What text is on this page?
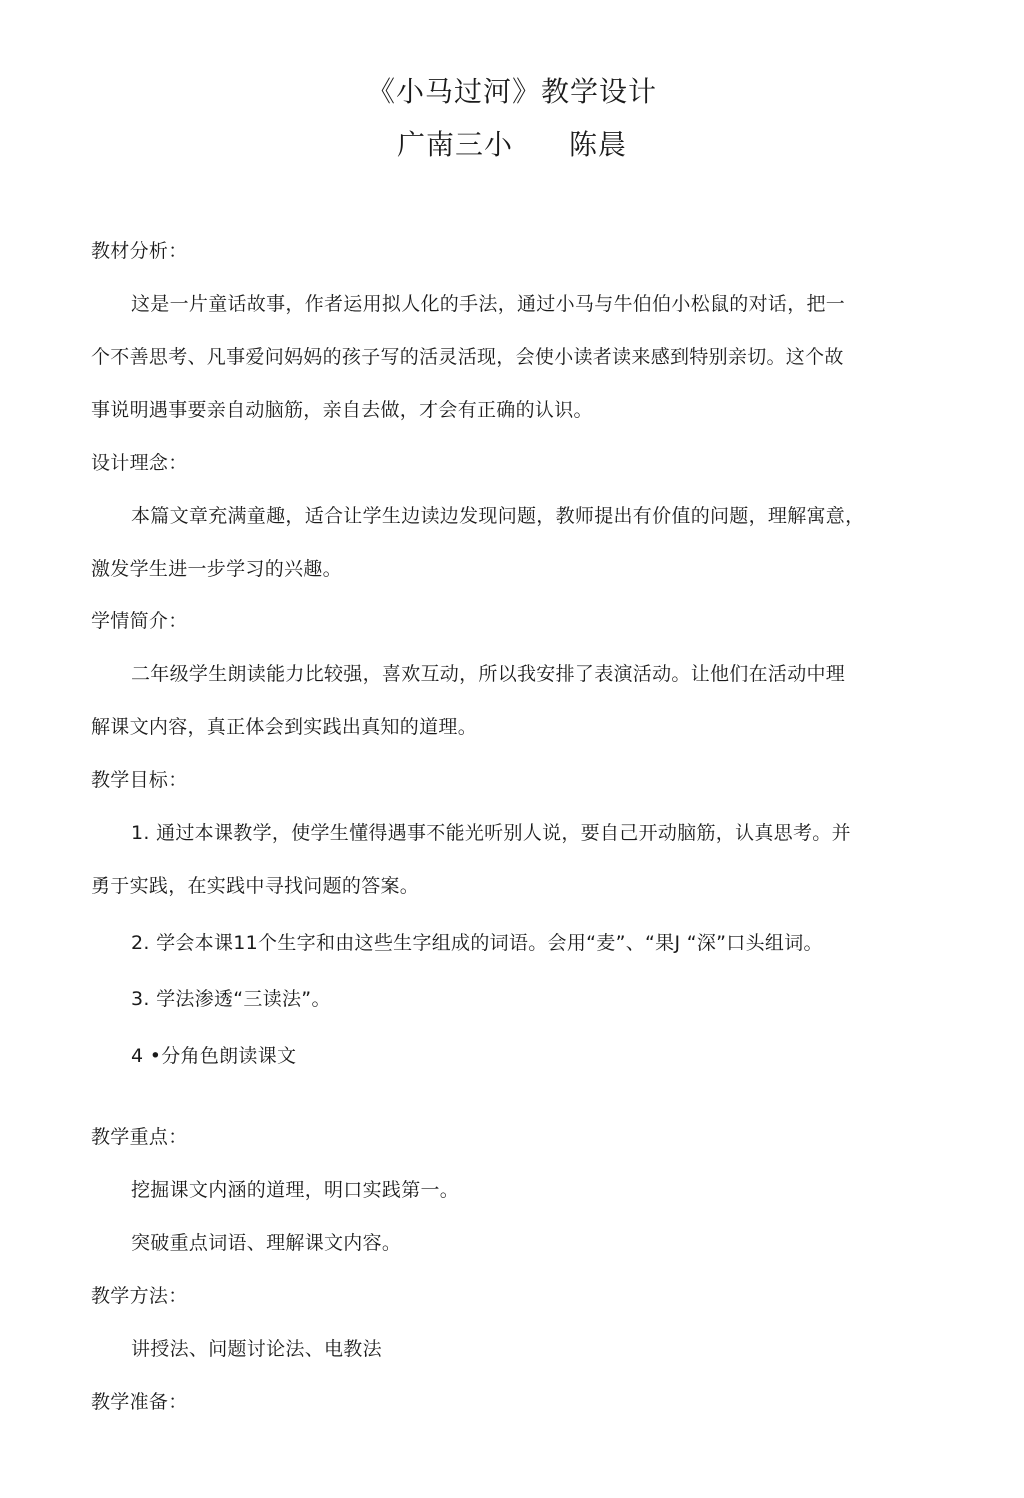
《小马过河》教学设计
广南三小 陈晨
教材分析：
这是一片童话故事，作者运用拟人化的手法，通过小马与牛伯伯小松鼠的对话，把一
个不善思考、凡事爱问妈妈的孩子写的活灵活现，会使小读者读来感到特别亲切。这个故
事说明遇事要亲自动脑筋，亲自去做，才会有正确的认识。
设计理念：
本篇文章充满童趣，适合让学生边读边发现问题，教师提出有价值的问题，理解寓意，
激发学生进一步学习的兴趣。
学情简介：
二年级学生朗读能力比较强，喜欢互动，所以我安排了表演活动。让他们在活动中理
解课文内容，真正体会到实践出真知的道理。
教学目标：
1. 通过本课教学，使学生懂得遇事不能光听别人说，要自己开动脑筋，认真思考。并
勇于实践，在实践中寻找问题的答案。
2. 学会本课11个生字和由这些生字组成的词语。会用“麦”、“果J “深”口头组词。
3. 学法渗透“三读法”。
4 •分角色朗读课文
教学重点：
挖掘课文内涵的道理，明口实践第一。
突破重点词语、理解课文内容。
教学方法：
讲授法、问题讨论法、电教法
教学准备：
